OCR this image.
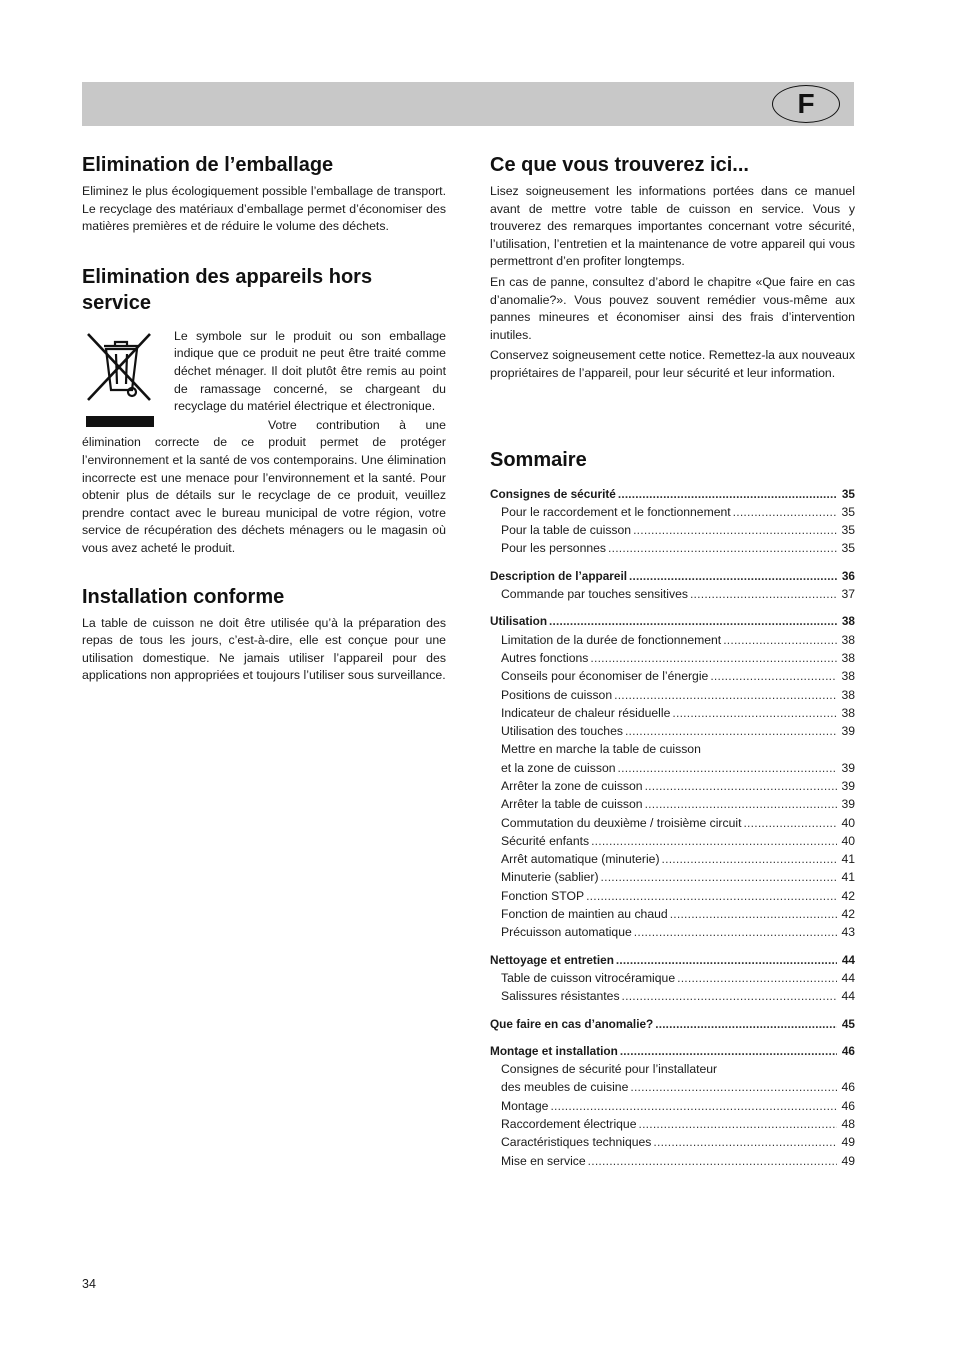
F
Elimination de l’emballage

Eliminez le plus écologiquement possible l’emballage de transport. Le recyclage des matériaux d’emballage permet d’économiser des matières premières et de réduire le volume des déchets.

Elimination des appareils hors service

Le symbole sur le produit ou son emballage indique que ce produit ne peut être traité comme déchet ménager. Il doit plutôt être remis au point de ramassage concerné, se chargeant du recyclage du matériel électrique et électronique.

Votre contribution à une élimination correcte de ce produit permet de protéger l’environnement et la santé de vos contemporains. Une élimination incorrecte est une menace pour l’environnement et la santé. Pour obtenir plus de détails sur le recyclage de ce produit, veuillez prendre contact avec le bureau municipal de votre région, votre service de récupération des déchets ménagers ou le magasin où vous avez acheté le produit.

Installation conforme

La table de cuisson ne doit être utilisée qu’à la préparation des repas de tous les jours, c’est-à-dire, elle est conçue pour une utilisation domestique. Ne jamais utiliser l’appareil pour des applications non appropriées et toujours l’utiliser sous surveillance.

Ce que vous trouverez ici...

Lisez soigneusement les informations portées dans ce manuel avant de mettre votre table de cuisson en service. Vous y trouverez des remarques importantes concernant votre sécurité, l’utilisation, l’entretien et la maintenance de votre appareil qui vous permettront d’en profiter longtemps.

En cas de panne, consultez d’abord le chapitre «Que faire en cas d’anomalie?». Vous pouvez souvent remédier vous-même aux pannes mineures et économiser ainsi des frais d’intervention inutiles.

Conservez soigneusement cette notice. Remettez-la aux nouveaux propriétaires de l’appareil, pour leur sécurité et leur information.

Sommaire
Consignes de sécurité .....	35
Pour le raccordement et le fonctionnement .....	35
Pour la table de cuisson .....	35
Pour les personnes .....	35
Description de l’appareil .....	36
Commande par touches sensitives .....	37
Utilisation .....	38
Limitation de la durée de fonctionnement .....	38
Autres fonctions .....	38
Conseils pour économiser de l’énergie .....	38
Positions de cuisson .....	38
Indicateur de chaleur résiduelle .....	38
Utilisation des touches .....	39
Mettre en marche la table de cuisson
et la zone de cuisson .....	39
Arrêter la zone de cuisson .....	39
Arrêter la table de cuisson .....	39
Commutation du deuxième / troisième circuit .....	40
Sécurité enfants .....	40
Arrêt automatique (minuterie) .....	41
Minuterie (sablier) .....	41
Fonction STOP .....	42
Fonction de maintien au chaud .....	42
Précuisson automatique .....	43
Nettoyage et entretien .....	44
Table de cuisson vitrocéramique .....	44
Salissures résistantes .....	44
Que faire en cas d’anomalie? .....	45
Montage et installation .....	46
Consignes de sécurité pour l’installateur
des meubles de cuisine .....	46
Montage .....	46
Raccordement électrique .....	48
Caractéristiques techniques .....	49
Mise en service .....	49
34
